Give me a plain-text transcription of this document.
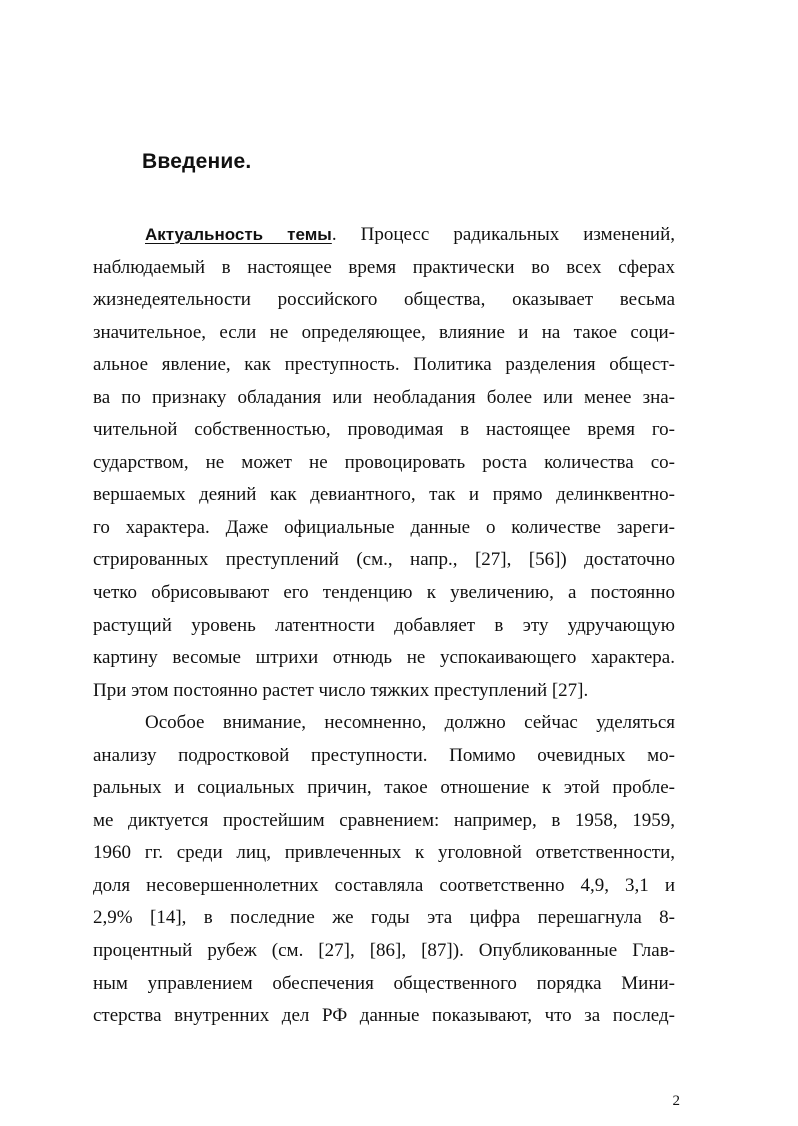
Введение.
Актуальность темы. Процесс радикальных изменений,
наблюдаемый в настоящее время практически во всех сферах
жизнедеятельности российского общества, оказывает весьма
значительное, если не определяющее, влияние и на такое соци-
альное явление, как преступность. Политика разделения общест-
ва по признаку обладания или необладания более или менее зна-
чительной собственностью, проводимая в настоящее время го-
сударством, не может не провоцировать роста количества со-
вершаемых деяний как девиантного, так и прямо делинквентно-
го характера. Даже официальные данные о количестве зареги-
стрированных преступлений (см., напр., [27], [56]) достаточно
четко обрисовывают его тенденцию к увеличению, а постоянно
растущий уровень латентности добавляет в эту удручающую
картину весомые штрихи отнюдь не успокаивающего характера.
При этом постоянно растет число тяжких преступлений [27].
Особое внимание, несомненно, должно сейчас уделяться
анализу подростковой преступности. Помимо очевидных мо-
ральных и социальных причин, такое отношение к этой пробле-
ме диктуется простейшим сравнением: например, в 1958, 1959,
1960 гг. среди лиц, привлеченных к уголовной ответственности,
доля несовершеннолетних составляла соответственно 4,9, 3,1 и
2,9% [14], в последние же годы эта цифра перешагнула 8-
процентный рубеж (см. [27], [86], [87]). Опубликованные Глав-
ным управлением обеспечения общественного порядка Мини-
стерства внутренних дел РФ данные показывают, что за послед-
2
